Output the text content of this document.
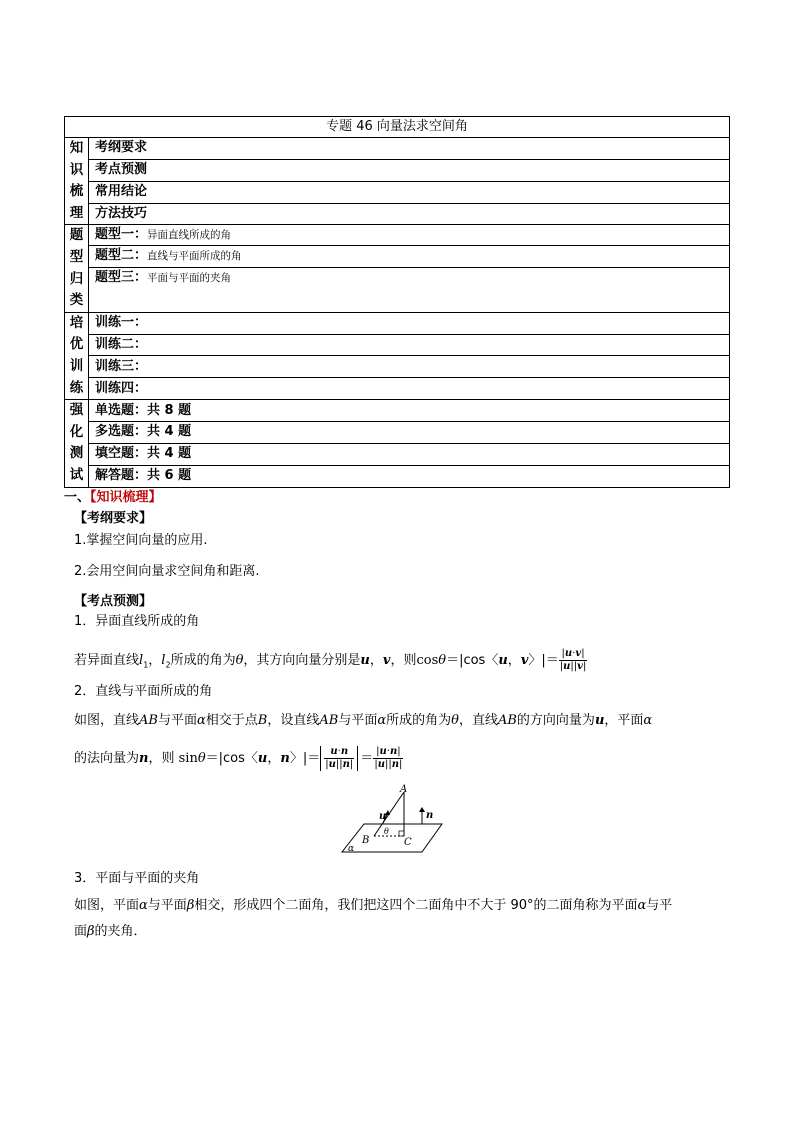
专题 46 向量法求空间角	
知
识
梳
理	考纲要求
	考点预测
	常用结论
	方法技巧
题
型
归
类	题型一：异面直线所成的角
	题型二：直线与平面所成的角
	题型三：平面与平面的夹角
培
优
训
练	训练一：
	训练二：
	训练三：
	训练四：
强
化
测
试	单选题：共 8 题
	多选题：共 4 题
	填空题：共 4 题
	解答题：共 6 题
一、【知识梳理】
【考纲要求】
1.掌握空间向量的应用.
2.会用空间向量求空间角和距离.
【考点预测】
1．异面直线所成的角
若异面直线$l_1$，$l_2$所成的角为θ，其方向向量分别是u，v，则cosθ＝|cos〈u，v〉|＝ $\frac{|u\cdot v|}{|u||v|}$
2．直线与平面所成的角
如图，直线AB与平面α相交于点B，设直线AB与平面α所成的角为θ，直线AB的方向向量为u，平面α
的法向量为n，则 sinθ＝|cos〈u，n〉|＝ $\frac{u\cdot n}{|u||n|} = \frac{|u\cdot n|}{|u||n|}$
A
B	C
u	n
θ
α
3．平面与平面的夹角
如图，平面α与平面β相交，形成四个二面角，我们把这四个二面角中不大于 90°的二面角称为平面α与平
面β的夹角．
